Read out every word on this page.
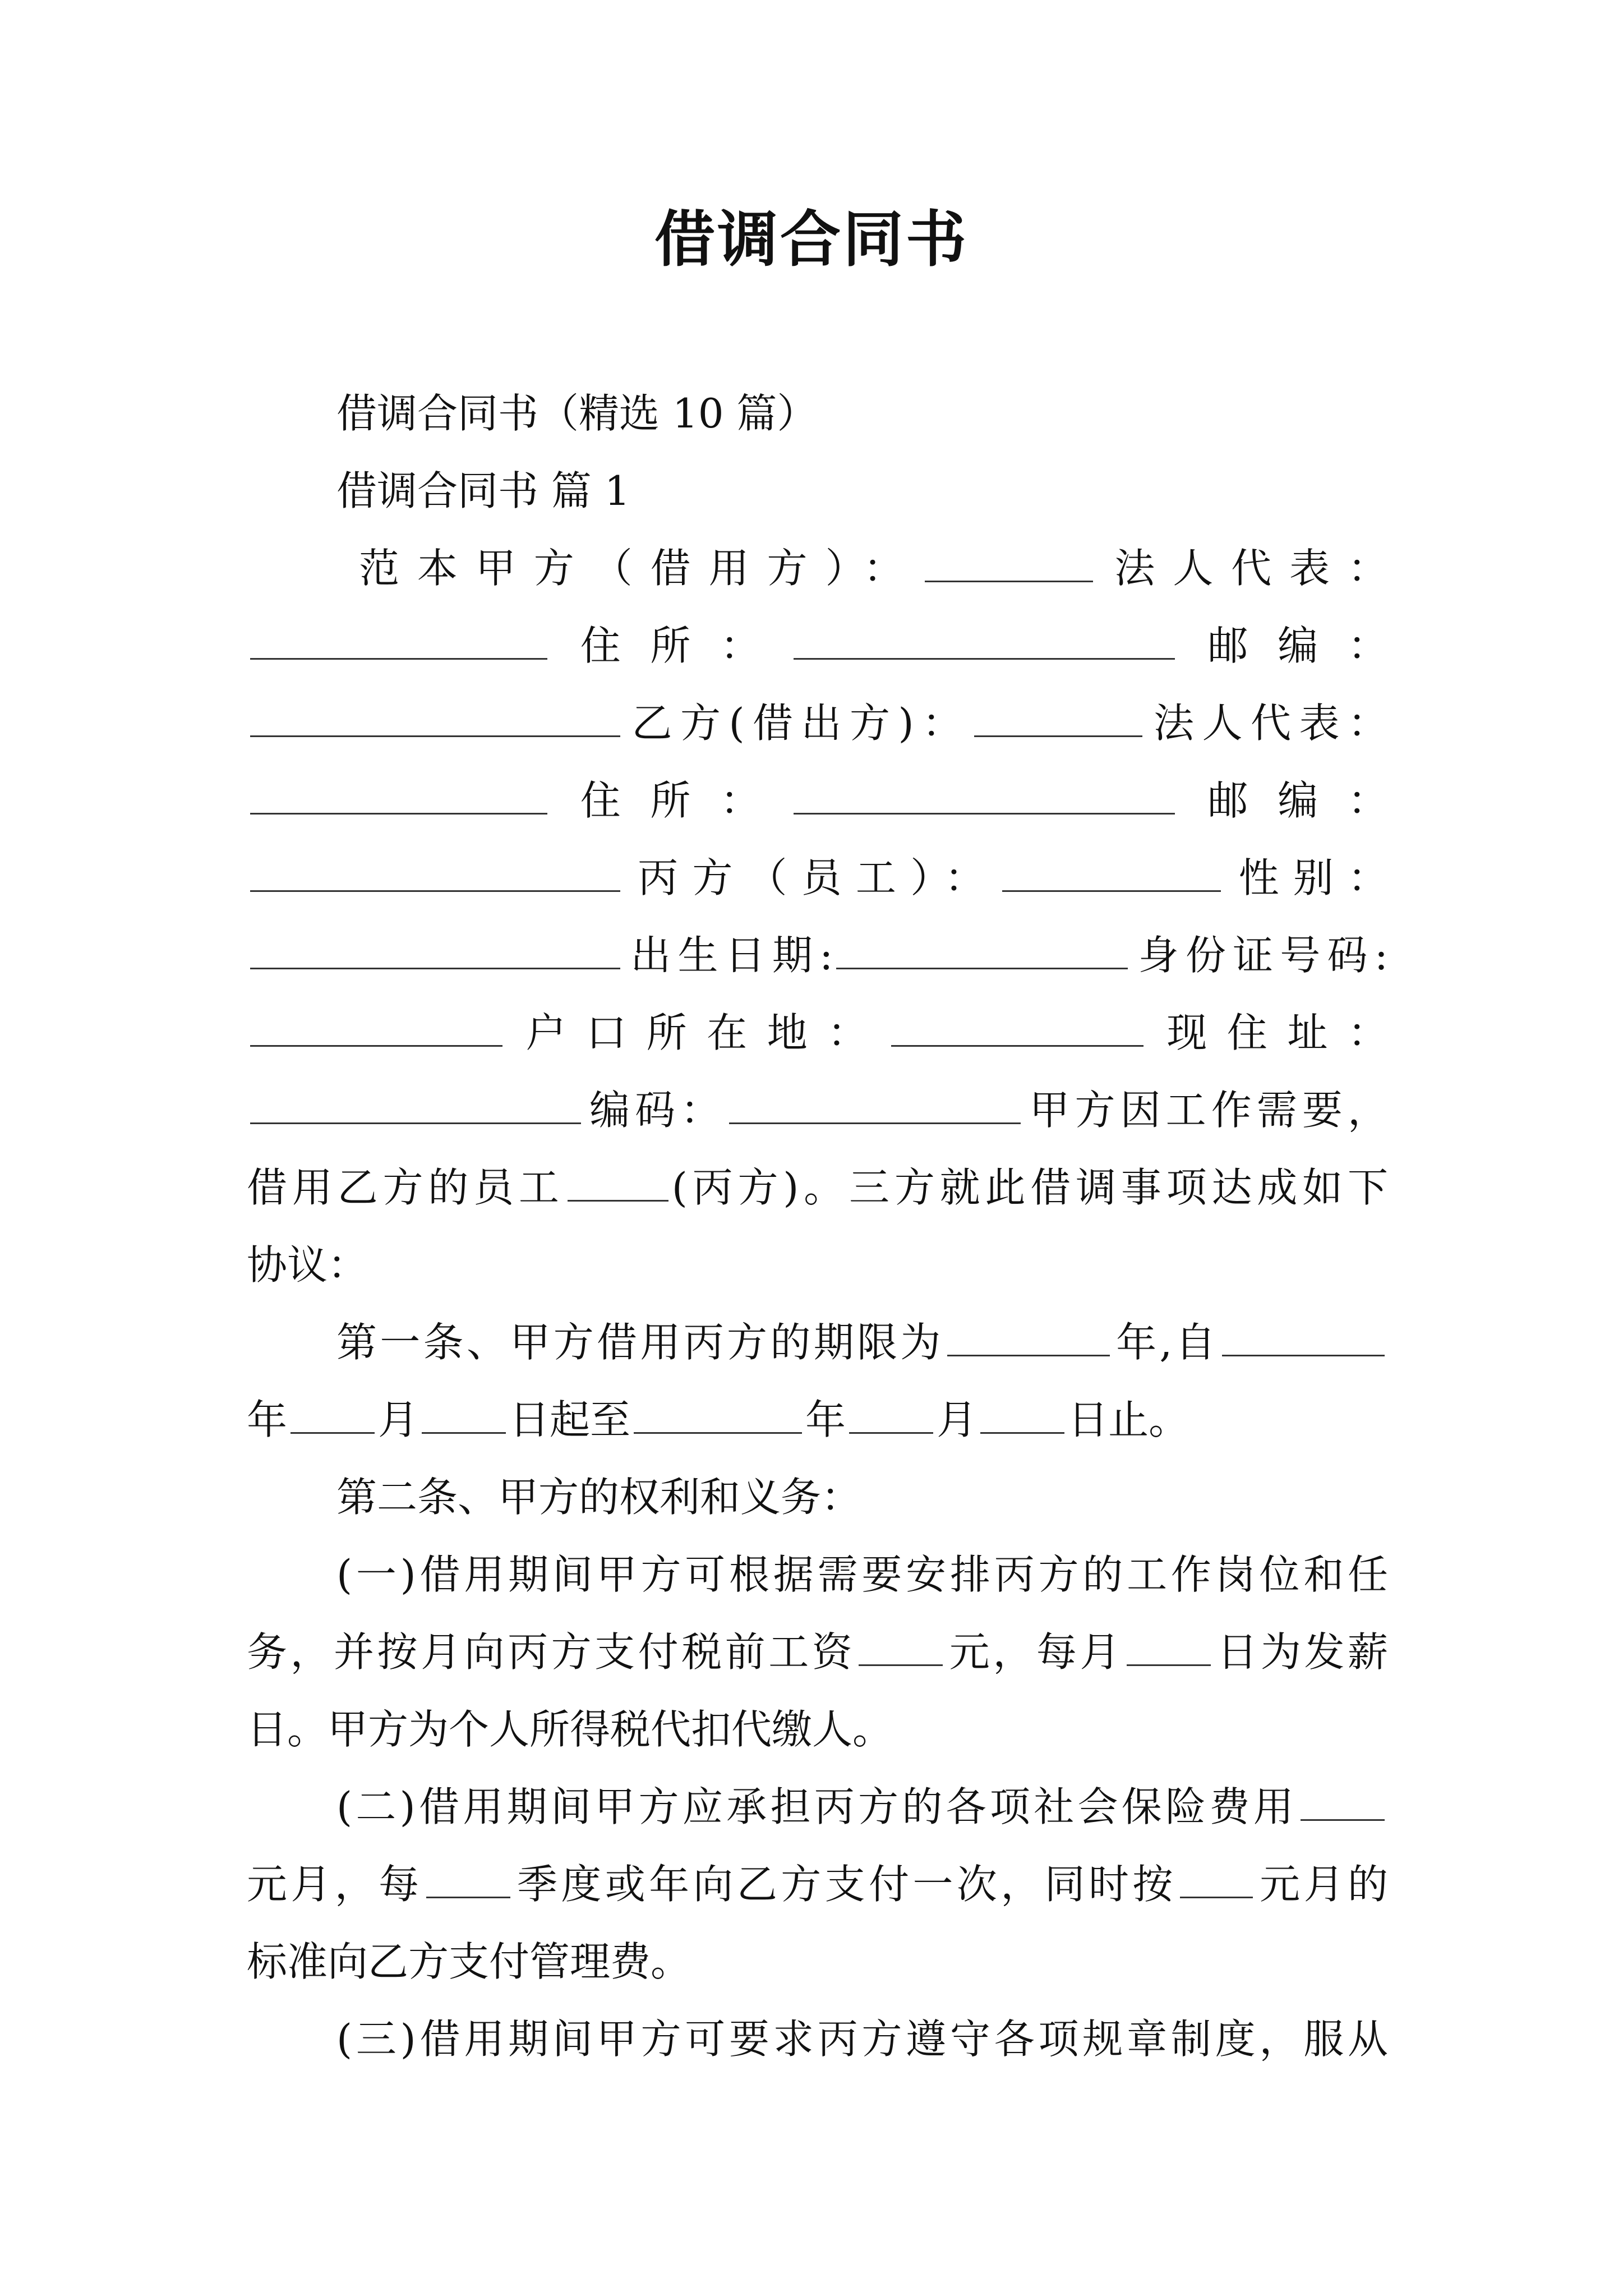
借调合同书
借调合同书（精选 10 篇）
借调合同书 篇 1
范本甲方（借用方）：	法人代表：
住所：	邮编：
乙方(借出方)：	法人代表：
住所：	邮编：
丙方（员工）：	性别：
出生日期:	身份证号码:
户口所在地：	现住址：
编码：	甲方因工作需要，
借用乙方的员工	(丙方)。三方就此借调事项达成如下
协议：
第一条、甲方借用丙方的期限为	年,自
年 月 日起至	年 月 日止。
第二条、甲方的权利和义务：
(一)借用期间甲方可根据需要安排丙方的工作岗位和任
务，并按月向丙方支付税前工资 元，每月 日为发薪
日。甲方为个人所得税代扣代缴人。
(二)借用期间甲方应承担丙方的各项社会保险费用
元月，每 季度或年向乙方支付一次，同时按 元月的
标准向乙方支付管理费。
(三)借用期间甲方可要求丙方遵守各项规章制度，服从
